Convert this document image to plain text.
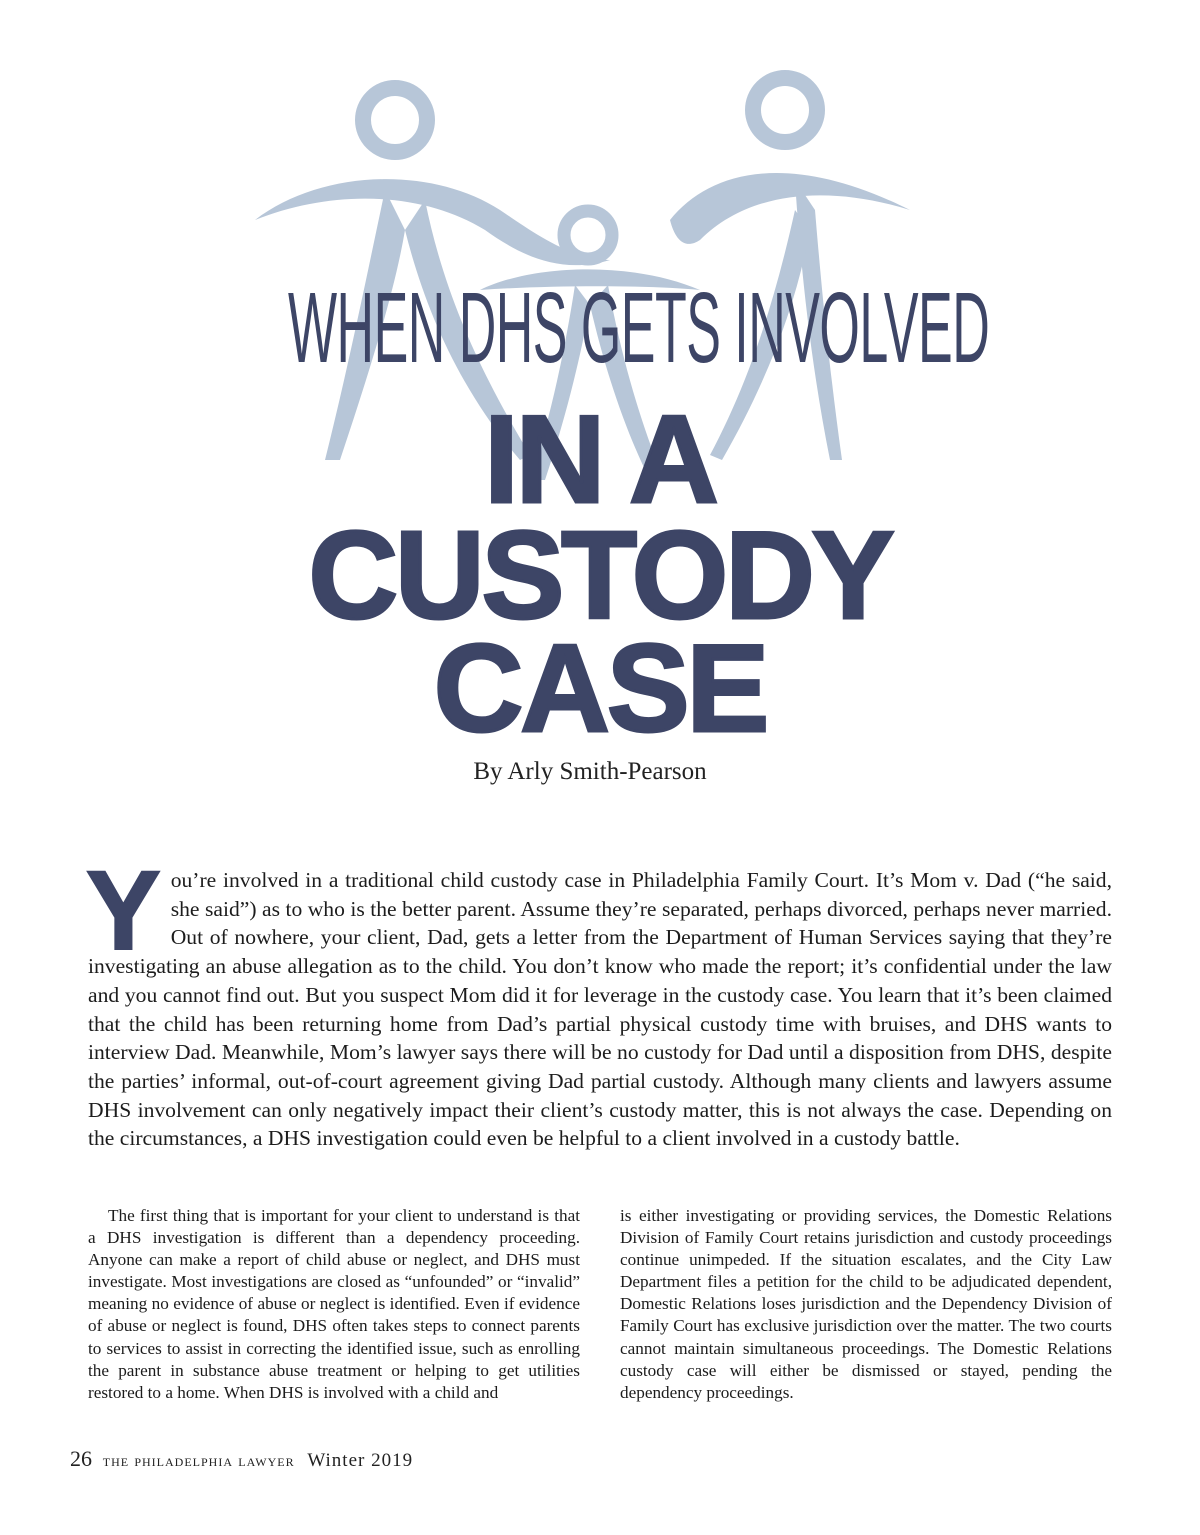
WHEN DHS GETS INVOLVED
IN A
CUSTODY
CASE
By Arly Smith-Pearson
You’re involved in a traditional child custody case in Philadelphia Family Court. It’s Mom v. Dad (“he said, she said”) as to who is the better parent. Assume they’re separated, perhaps divorced, perhaps never married. Out of nowhere, your client, Dad, gets a letter from the Department of Human Services saying that they’re investigating an abuse allegation as to the child. You don’t know who made the report; it’s confidential under the law and you cannot find out. But you suspect Mom did it for leverage in the custody case. You learn that it’s been claimed that the child has been returning home from Dad’s partial physical custody time with bruises, and DHS wants to interview Dad. Meanwhile, Mom’s lawyer says there will be no custody for Dad until a disposition from DHS, despite the parties’ informal, out-of-court agreement giving Dad partial custody. Although many clients and lawyers assume DHS involvement can only negatively impact their client’s custody matter, this is not always the case. Depending on the circumstances, a DHS investigation could even be helpful to a client involved in a custody battle.

The first thing that is important for your client to understand is that a DHS investigation is different than a dependency proceeding. Anyone can make a report of child abuse or neglect, and DHS must investigate. Most investigations are closed as “unfounded” or “invalid” meaning no evidence of abuse or neglect is identified. Even if evidence of abuse or neglect is found, DHS often takes steps to connect parents to services to assist in correcting the identified issue, such as enrolling the parent in substance abuse treatment or helping to get utilities restored to a home. When DHS is involved with a child and

is either investigating or providing services, the Domestic Relations Division of Family Court retains jurisdiction and custody proceedings continue unimpeded. If the situation escalates, and the City Law Department files a petition for the child to be adjudicated dependent, Domestic Relations loses jurisdiction and the Dependency Division of Family Court has exclusive jurisdiction over the matter. The two courts cannot maintain simultaneous proceedings. The Domestic Relations custody case will either be dismissed or stayed, pending the dependency proceedings.

26 the philadelphia lawyer Winter 2019
